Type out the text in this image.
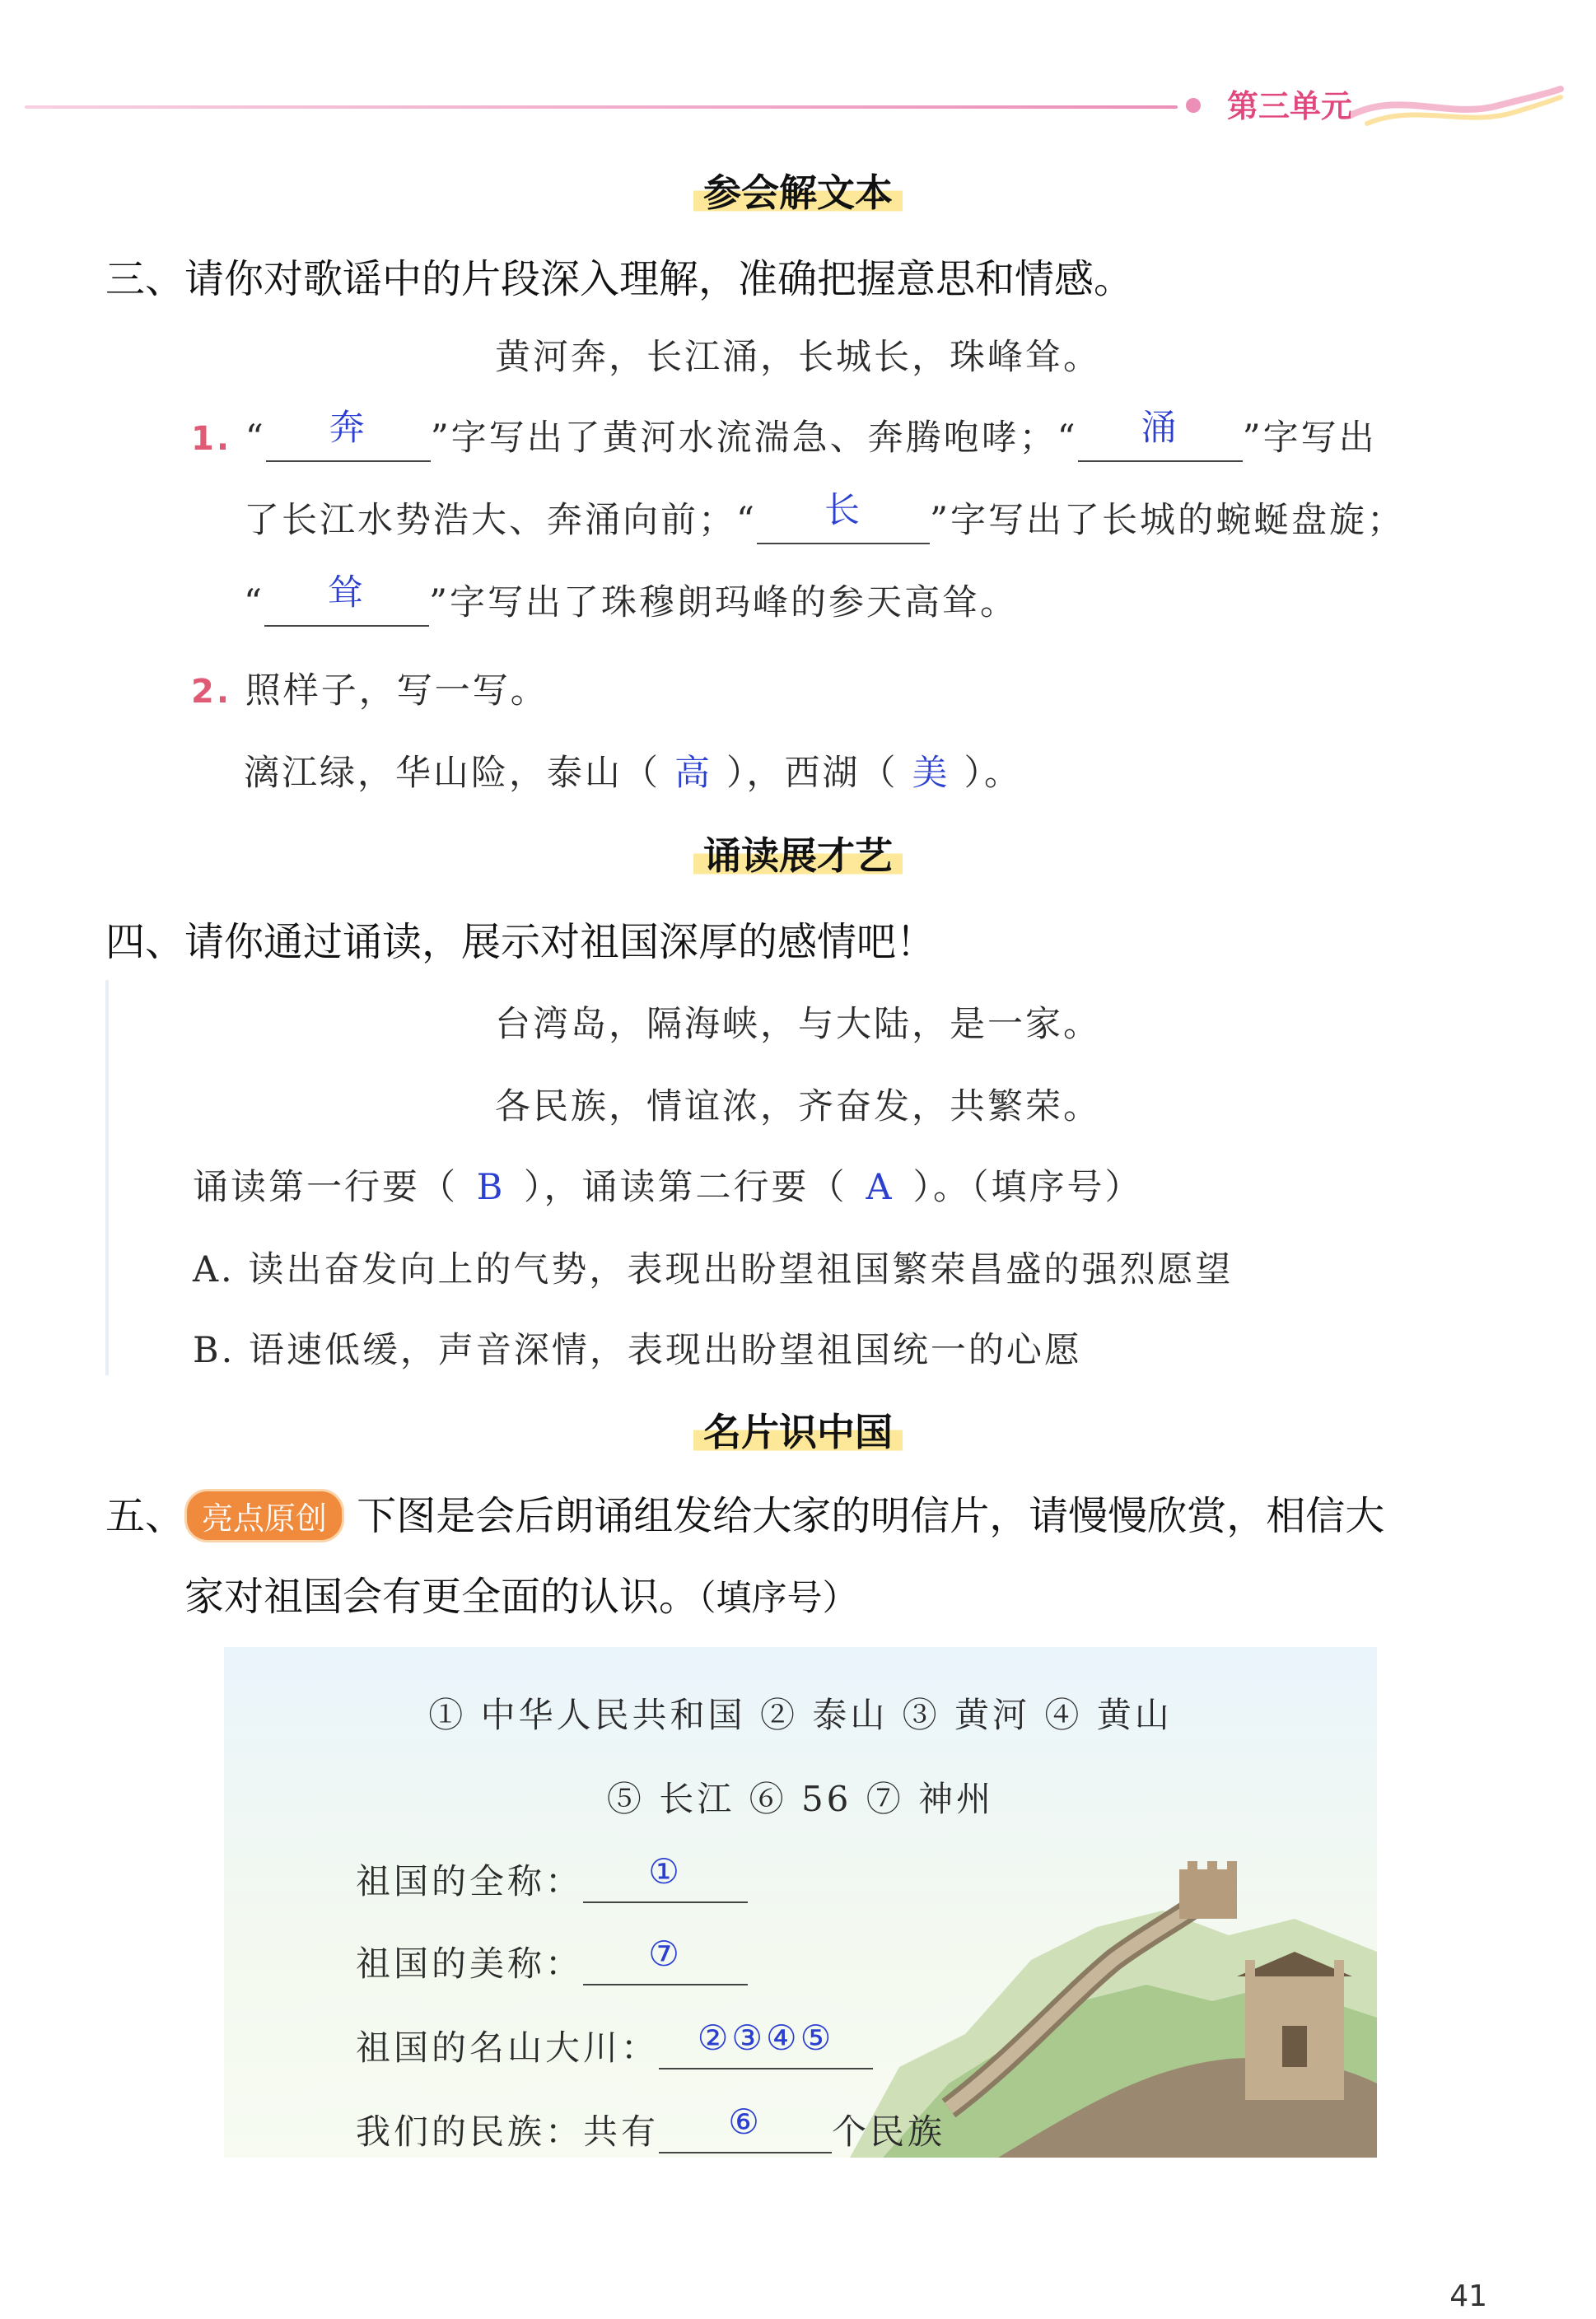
第三单元
参会解文本
三、请你对歌谣中的片段深入理解，准确把握意思和情感。
黄河奔，长江涌，长城长，珠峰耸。
1. “ 奔 ”字写出了黄河水流湍急、奔腾咆哮；“ 涌 ”字写出
了长江水势浩大、奔涌向前；“ 长 ”字写出了长城的蜿蜒盘旋；
“ 耸 ”字写出了珠穆朗玛峰的参天高耸。
2. 照样子，写一写。
漓江绿，华山险，泰山（ 高 ），西湖（ 美 ）。
诵读展才艺
四、请你通过诵读，展示对祖国深厚的感情吧！
台湾岛，隔海峡，与大陆，是一家。
各民族，情谊浓，齐奋发，共繁荣。
诵读第一行要（ B ），诵读第二行要（ A ）。（填序号）
A. 读出奋发向上的气势，表现出盼望祖国繁荣昌盛的强烈愿望
B. 语速低缓，声音深情，表现出盼望祖国统一的心愿
名片识中国
五、 亮点原创 下图是会后朗诵组发给大家的明信片，请慢慢欣赏，相信大
家对祖国会有更全面的认识。（填序号）
① 中华人民共和国 ② 泰山 ③ 黄河 ④ 黄山
⑤ 长江 ⑥ 56 ⑦ 神州
祖国的全称： ①
祖国的美称： ⑦
祖国的名山大川： ②③④⑤
我们的民族：共有 ⑥ 个民族
41
